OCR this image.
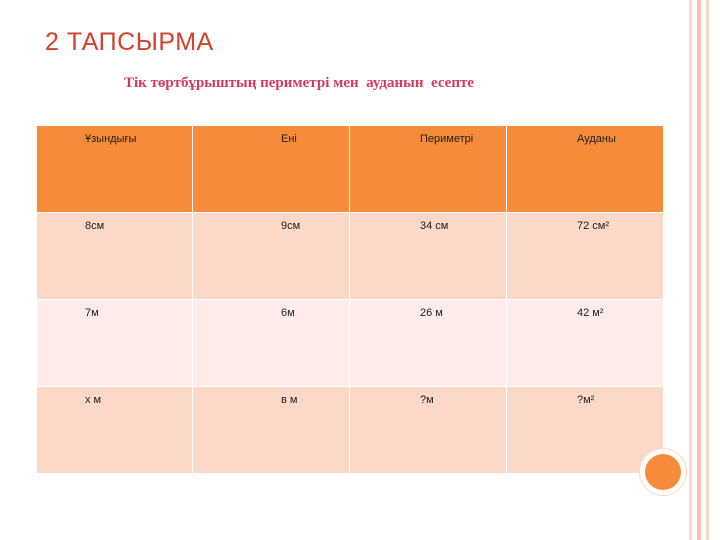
2 ТАПСЫРМА
Тік төртбұрыштың периметрі мен  ауданын  есепте
Ұзындығы	Ені	Периметрі	Ауданы
8см	9см	34 см	72 см²
7м	6м	26 м	42 м²
х м	в м	?м	?м²
